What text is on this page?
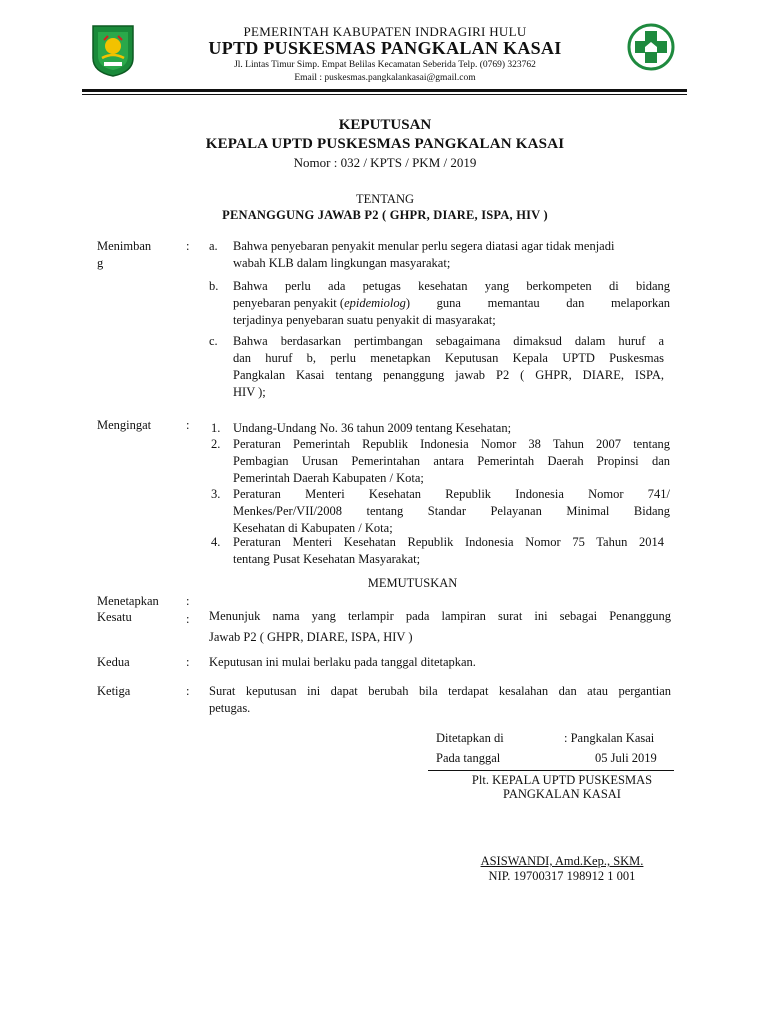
PEMERINTAH KABUPATEN INDRAGIRI HULU
UPTD PUSKESMAS PANGKALAN KASAI
Jl. Lintas Timur Simp. Empat Belilas Kecamatan Seberida Telp. (0769) 323762
Email : puskesmas.pangkalankasai@gmail.com
KEPUTUSAN
KEPALA UPTD PUSKESMAS PANGKALAN KASAI
Nomor : 032 / KPTS / PKM / 2019
TENTANG
PENANGGUNG JAWAB P2 ( GHPR, DIARE, ISPA, HIV )
Menimban
g
: a. Bahwa penyebaran penyakit menular perlu segera diatasi agar tidak menjadi
wabah KLB dalam lingkungan masyarakat;
b. Bahwa perlu ada petugas kesehatan yang berkompeten di bidang
penyebaran penyakit ( epidemiolog ) guna memantau dan melaporkan
terjadinya penyebaran suatu penyakit di masyarakat;
c. Bahwa berdasarkan pertimbangan sebagaimana dimaksud dalam huruf a
dan huruf b, perlu menetapkan Keputusan Kepala UPTD Puskesmas
Pangkalan Kasai tentang penanggung jawab P2 ( GHPR, DIARE, ISPA,
HIV );
Mengingat	: 1. Undang-Undang No. 36 tahun 2009 tentang Kesehatan;
2. Peraturan Pemerintah Republik Indonesia Nomor 38 Tahun 2007 tentang
Pembagian Urusan Pemerintahan antara Pemerintah Daerah Propinsi dan
Pemerintah Daerah Kabupaten / Kota;
3. Peraturan Menteri Kesehatan Republik Indonesia Nomor 741/
Menkes/Per/VII/2008 tentang Standar Pelayanan Minimal Bidang
Kesehatan di Kabupaten / Kota;
4. Peraturan Menteri Kesehatan Republik Indonesia Nomor 75 Tahun 2014
tentang Pusat Kesehatan Masyarakat;
MEMUTUSKAN
Menetapkan :
Kesatu	: Menunjuk nama yang terlampir pada lampiran surat ini sebagai Penanggung
Jawab P2 ( GHPR, DIARE, ISPA, HIV )
Kedua	: Keputusan ini mulai berlaku pada tanggal ditetapkan.
Ketiga	: Surat keputusan ini dapat berubah bila terdapat kesalahan dan atau pergantian
petugas.
Ditetapkan di	: Pangkalan Kasai
Pada tanggal	05 Juli 2019
Plt. KEPALA UPTD PUSKESMAS
PANGKALAN KASAI
ASISWANDI, Amd.Kep., SKM.
NIP. 19700317 198912 1 001
